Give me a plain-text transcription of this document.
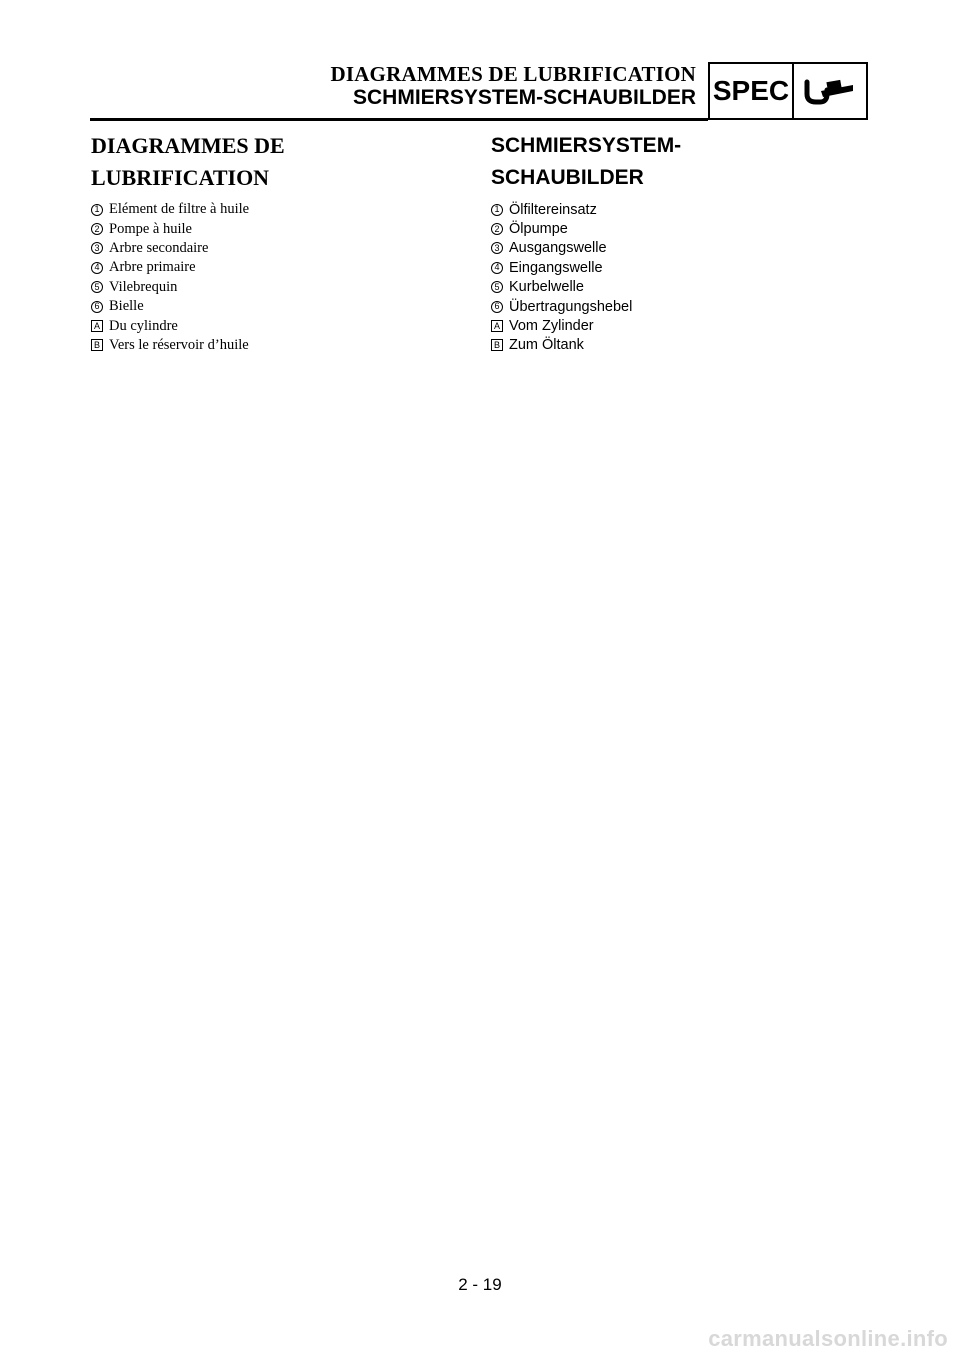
DIAGRAMMES DE LUBRIFICATION
SCHMIERSYSTEM-SCHAUBILDER SPEC
DIAGRAMMES DE
LUBRIFICATION
1 Elément de filtre à huile
2 Pompe à huile
3 Arbre secondaire
4 Arbre primaire
5 Vilebrequin
6 Bielle
A Du cylindre
B Vers le réservoir d’huile
SCHMIERSYSTEM-
SCHAUBILDER
1 Ölfiltereinsatz
2 Ölpumpe
3 Ausgangswelle
4 Eingangswelle
5 Kurbelwelle
6 Übertragungshebel
A Vom Zylinder
B Zum Öltank
2 - 19
carmanualsonline.info
